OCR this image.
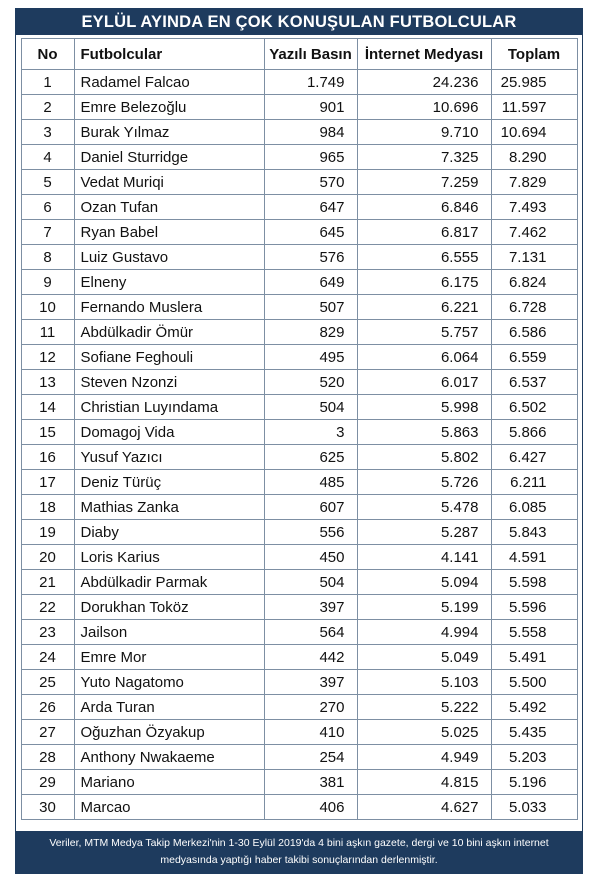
EYLÜL AYINDA EN ÇOK KONUŞULAN FUTBOLCULAR
No	Futbolcular	Yazılı Basın	İnternet Medyası	Toplam
1	Radamel Falcao	1.749	24.236	25.985
2	Emre Belezoğlu	901	10.696	11.597
3	Burak Yılmaz	984	9.710	10.694
4	Daniel Sturridge	965	7.325	8.290
5	Vedat Muriqi	570	7.259	7.829
6	Ozan Tufan	647	6.846	7.493
7	Ryan Babel	645	6.817	7.462
8	Luiz Gustavo	576	6.555	7.131
9	Elneny	649	6.175	6.824
10	Fernando Muslera	507	6.221	6.728
11	Abdülkadir Ömür	829	5.757	6.586
12	Sofiane Feghouli	495	6.064	6.559
13	Steven Nzonzi	520	6.017	6.537
14	Christian Luyındama	504	5.998	6.502
15	Domagoj Vida	3	5.863	5.866
16	Yusuf Yazıcı	625	5.802	6.427
17	Deniz Türüç	485	5.726	6.211
18	Mathias Zanka	607	5.478	6.085
19	Diaby	556	5.287	5.843
20	Loris Karius	450	4.141	4.591
21	Abdülkadir Parmak	504	5.094	5.598
22	Dorukhan Toköz	397	5.199	5.596
23	Jailson	564	4.994	5.558
24	Emre Mor	442	5.049	5.491
25	Yuto Nagatomo	397	5.103	5.500
26	Arda Turan	270	5.222	5.492
27	Oğuzhan Özyakup	410	5.025	5.435
28	Anthony Nwakaeme	254	4.949	5.203
29	Mariano	381	4.815	5.196
30	Marcao	406	4.627	5.033
Veriler, MTM Medya Takip Merkezi'nin 1-30 Eylül 2019'da 4 bini aşkın gazete, dergi ve 10 bini aşkın internet medyasında yaptığı haber takibi sonuçlarından derlenmiştir.
